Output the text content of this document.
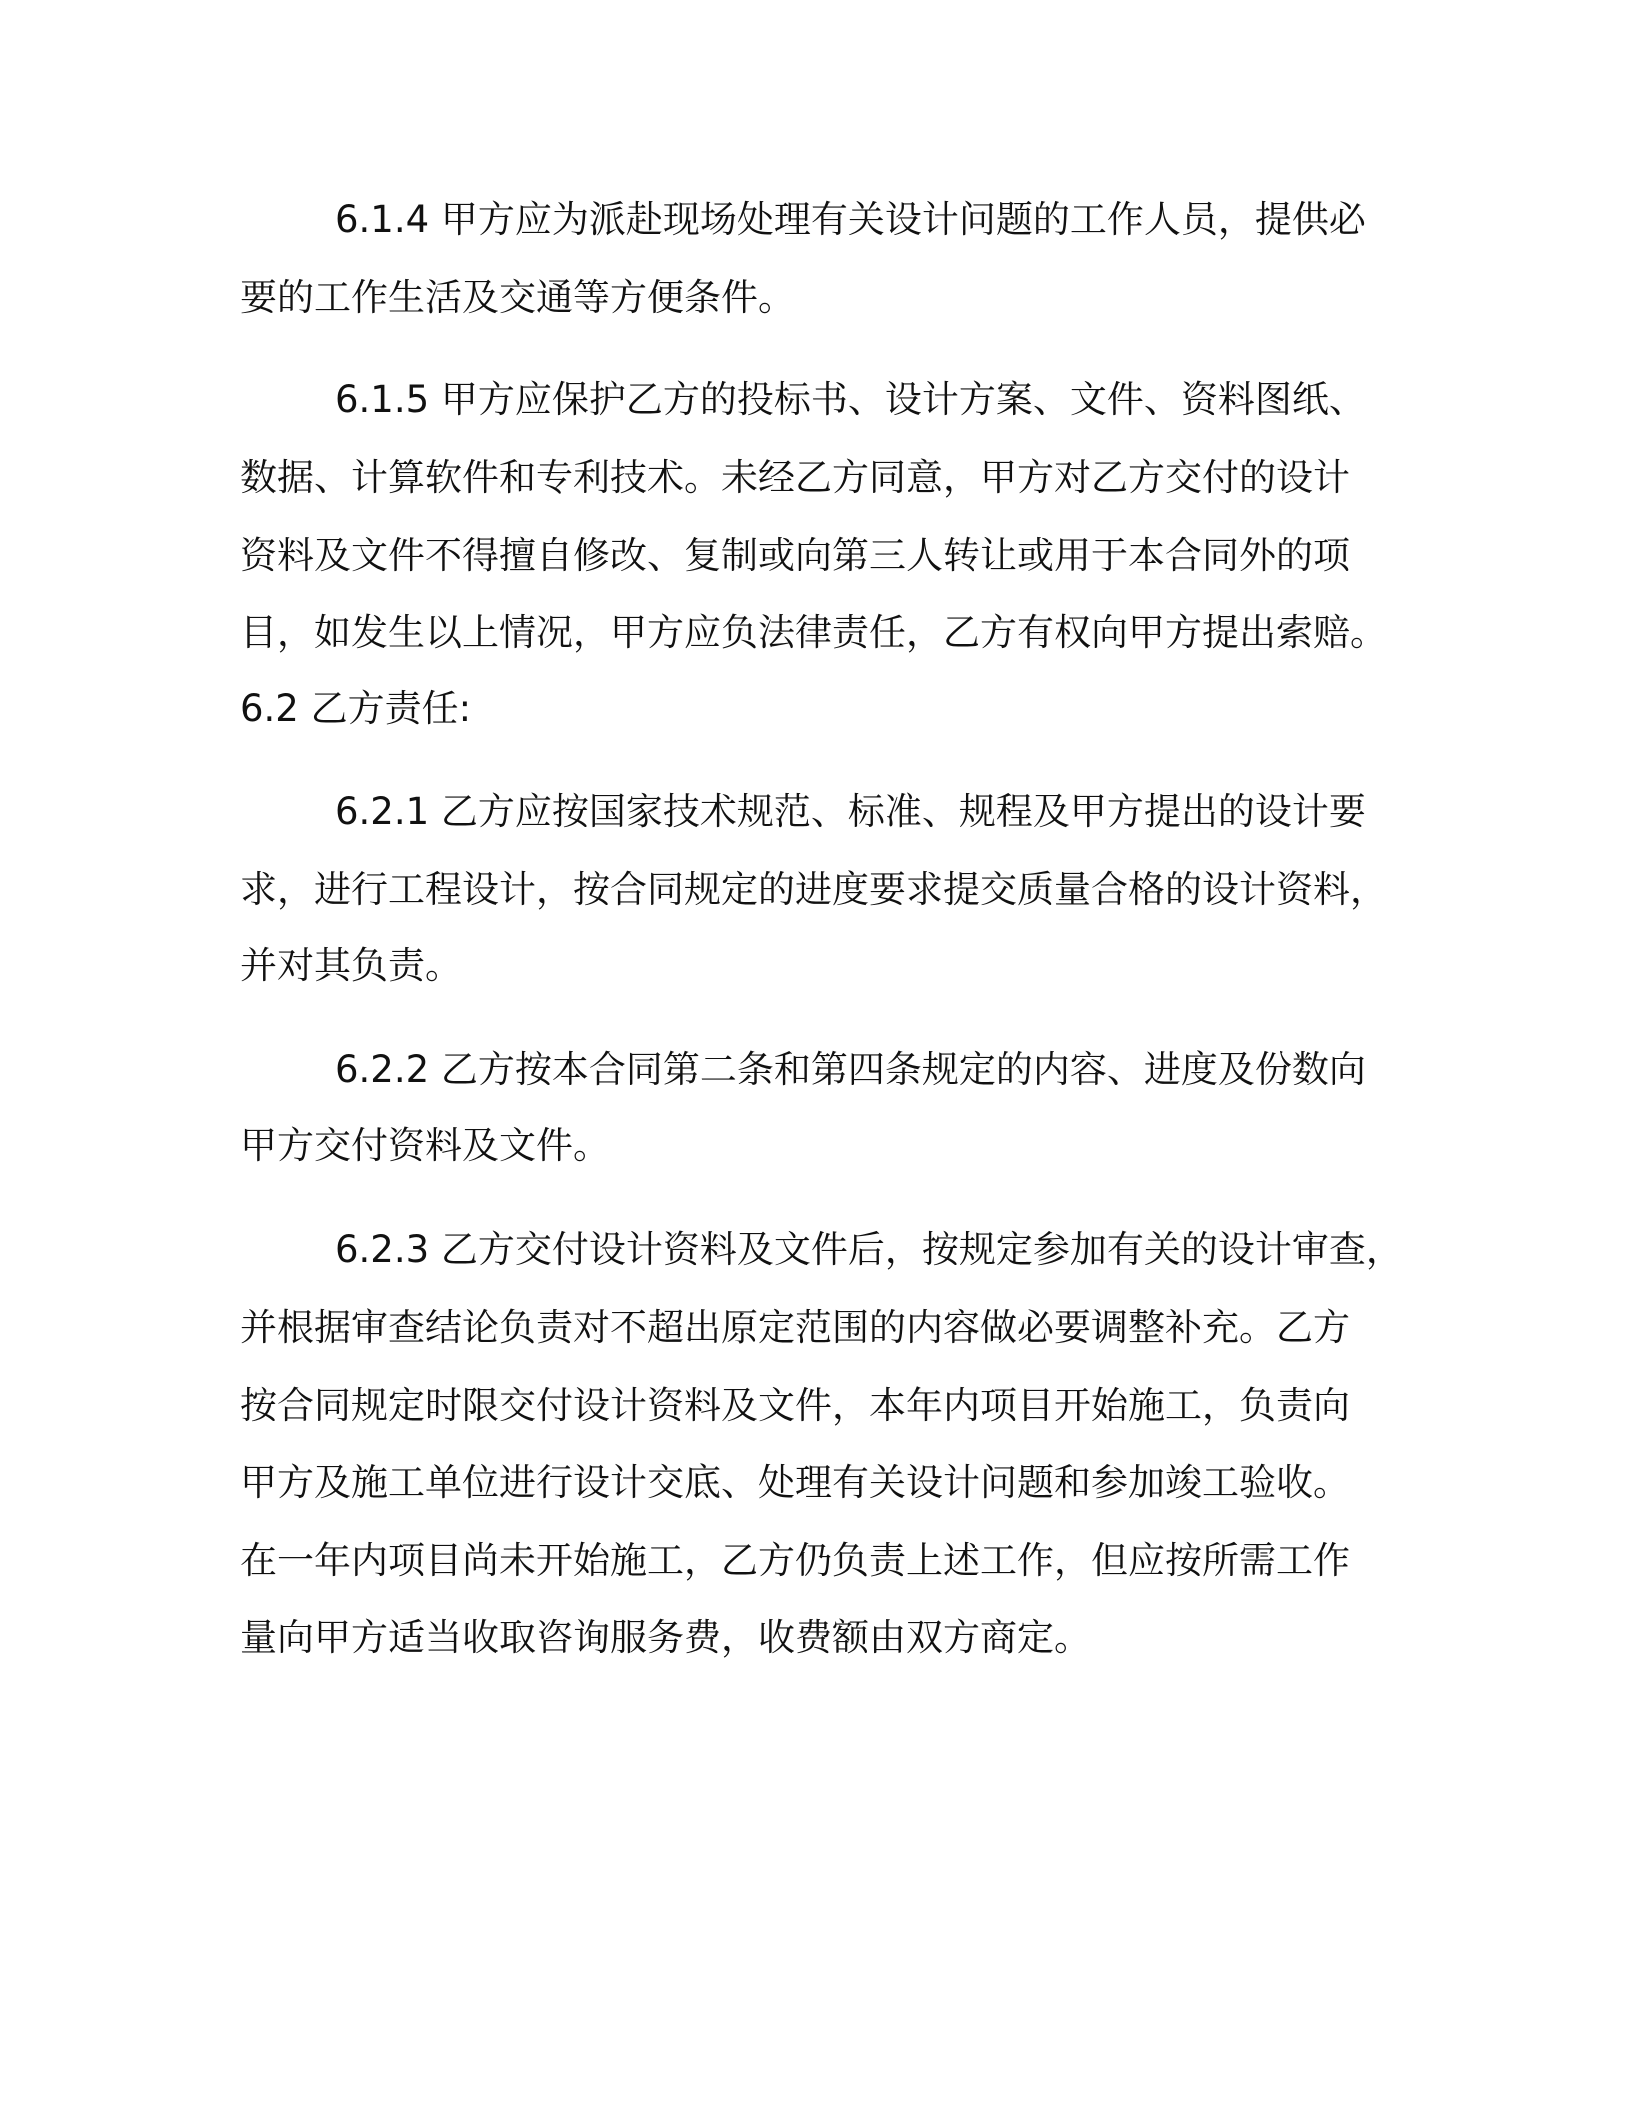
6.1.4 甲方应为派赴现场处理有关设计问题的工作人员，提供必

要的工作生活及交通等方便条件。

6.1.5 甲方应保护乙方的投标书、设计方案、文件、资料图纸、

数据、计算软件和专利技术。未经乙方同意，甲方对乙方交付的设计

资料及文件不得擅自修改、复制或向第三人转让或用于本合同外的项

目，如发生以上情况，甲方应负法律责任，乙方有权向甲方提出索赔。

6.2 乙方责任:

6.2.1 乙方应按国家技术规范、标准、规程及甲方提出的设计要

求，进行工程设计，按合同规定的进度要求提交质量合格的设计资料，

并对其负责。

6.2.2 乙方按本合同第二条和第四条规定的内容、进度及份数向

甲方交付资料及文件。

6.2.3 乙方交付设计资料及文件后，按规定参加有关的设计审查，

并根据审查结论负责对不超出原定范围的内容做必要调整补充。乙方

按合同规定时限交付设计资料及文件，本年内项目开始施工，负责向

甲方及施工单位进行设计交底、处理有关设计问题和参加竣工验收。

在一年内项目尚未开始施工，乙方仍负责上述工作，但应按所需工作

量向甲方适当收取咨询服务费，收费额由双方商定。
